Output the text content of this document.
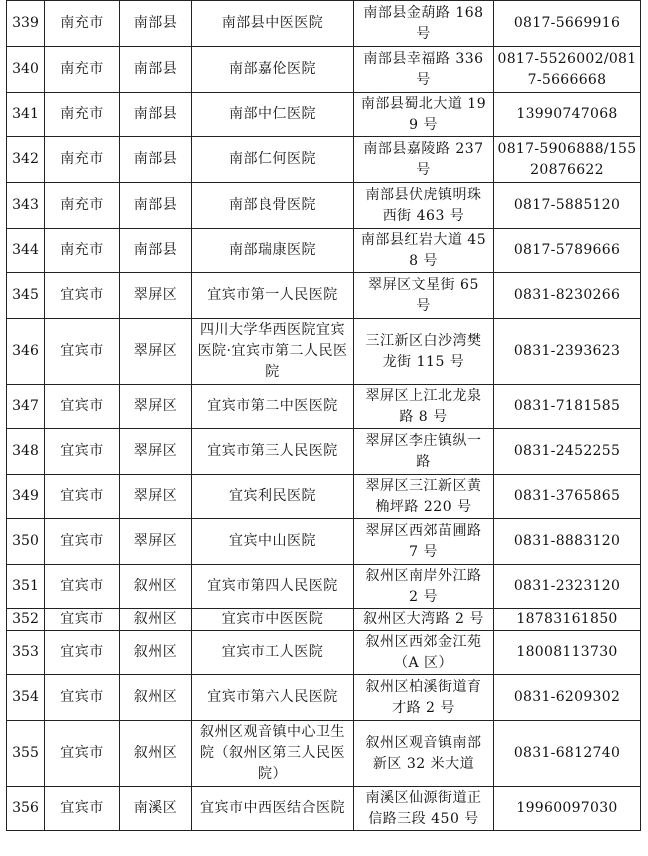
339	南充市	南部县	南部县中医医院	南部县金葫路 168 号	0817-5669916
340	南充市	南部县	南部嘉伦医院	南部县幸福路 336 号	0817-5526002/0817-5666668
341	南充市	南部县	南部中仁医院	南部县蜀北大道 199 号	13990747068
342	南充市	南部县	南部仁何医院	南部县嘉陵路 237 号	0817-5906888/15520876622
343	南充市	南部县	南部良骨医院	南部县伏虎镇明珠西街 463 号	0817-5885120
344	南充市	南部县	南部瑞康医院	南部县红岩大道 458 号	0817-5789666
345	宜宾市	翠屏区	宜宾市第一人民医院	翠屏区文星街 65 号	0831-8230266
346	宜宾市	翠屏区	四川大学华西医院宜宾医院·宜宾市第二人民医院	三江新区白沙湾樊龙街 115 号	0831-2393623
347	宜宾市	翠屏区	宜宾市第二中医医院	翠屏区上江北龙泉路 8 号	0831-7181585
348	宜宾市	翠屏区	宜宾市第三人民医院	翠屏区李庄镇纵一路	0831-2452255
349	宜宾市	翠屏区	宜宾利民医院	翠屏区三江新区黄桷坪路 220 号	0831-3765865
350	宜宾市	翠屏区	宜宾中山医院	翠屏区西郊苗圃路 7 号	0831-8883120
351	宜宾市	叙州区	宜宾市第四人民医院	叙州区南岸外江路 2 号	0831-2323120
352	宜宾市	叙州区	宜宾市中医医院	叙州区大湾路 2 号	18783161850
353	宜宾市	叙州区	宜宾市工人医院	叙州区西郊金江苑（A 区）	18008113730
354	宜宾市	叙州区	宜宾市第六人民医院	叙州区柏溪街道育才路 2 号	0831-6209302
355	宜宾市	叙州区	叙州区观音镇中心卫生院（叙州区第三人民医院）	叙州区观音镇南部新区 32 米大道	0831-6812740
356	宜宾市	南溪区	宜宾市中西医结合医院	南溪区仙源街道正信路三段 450 号	19960097030
